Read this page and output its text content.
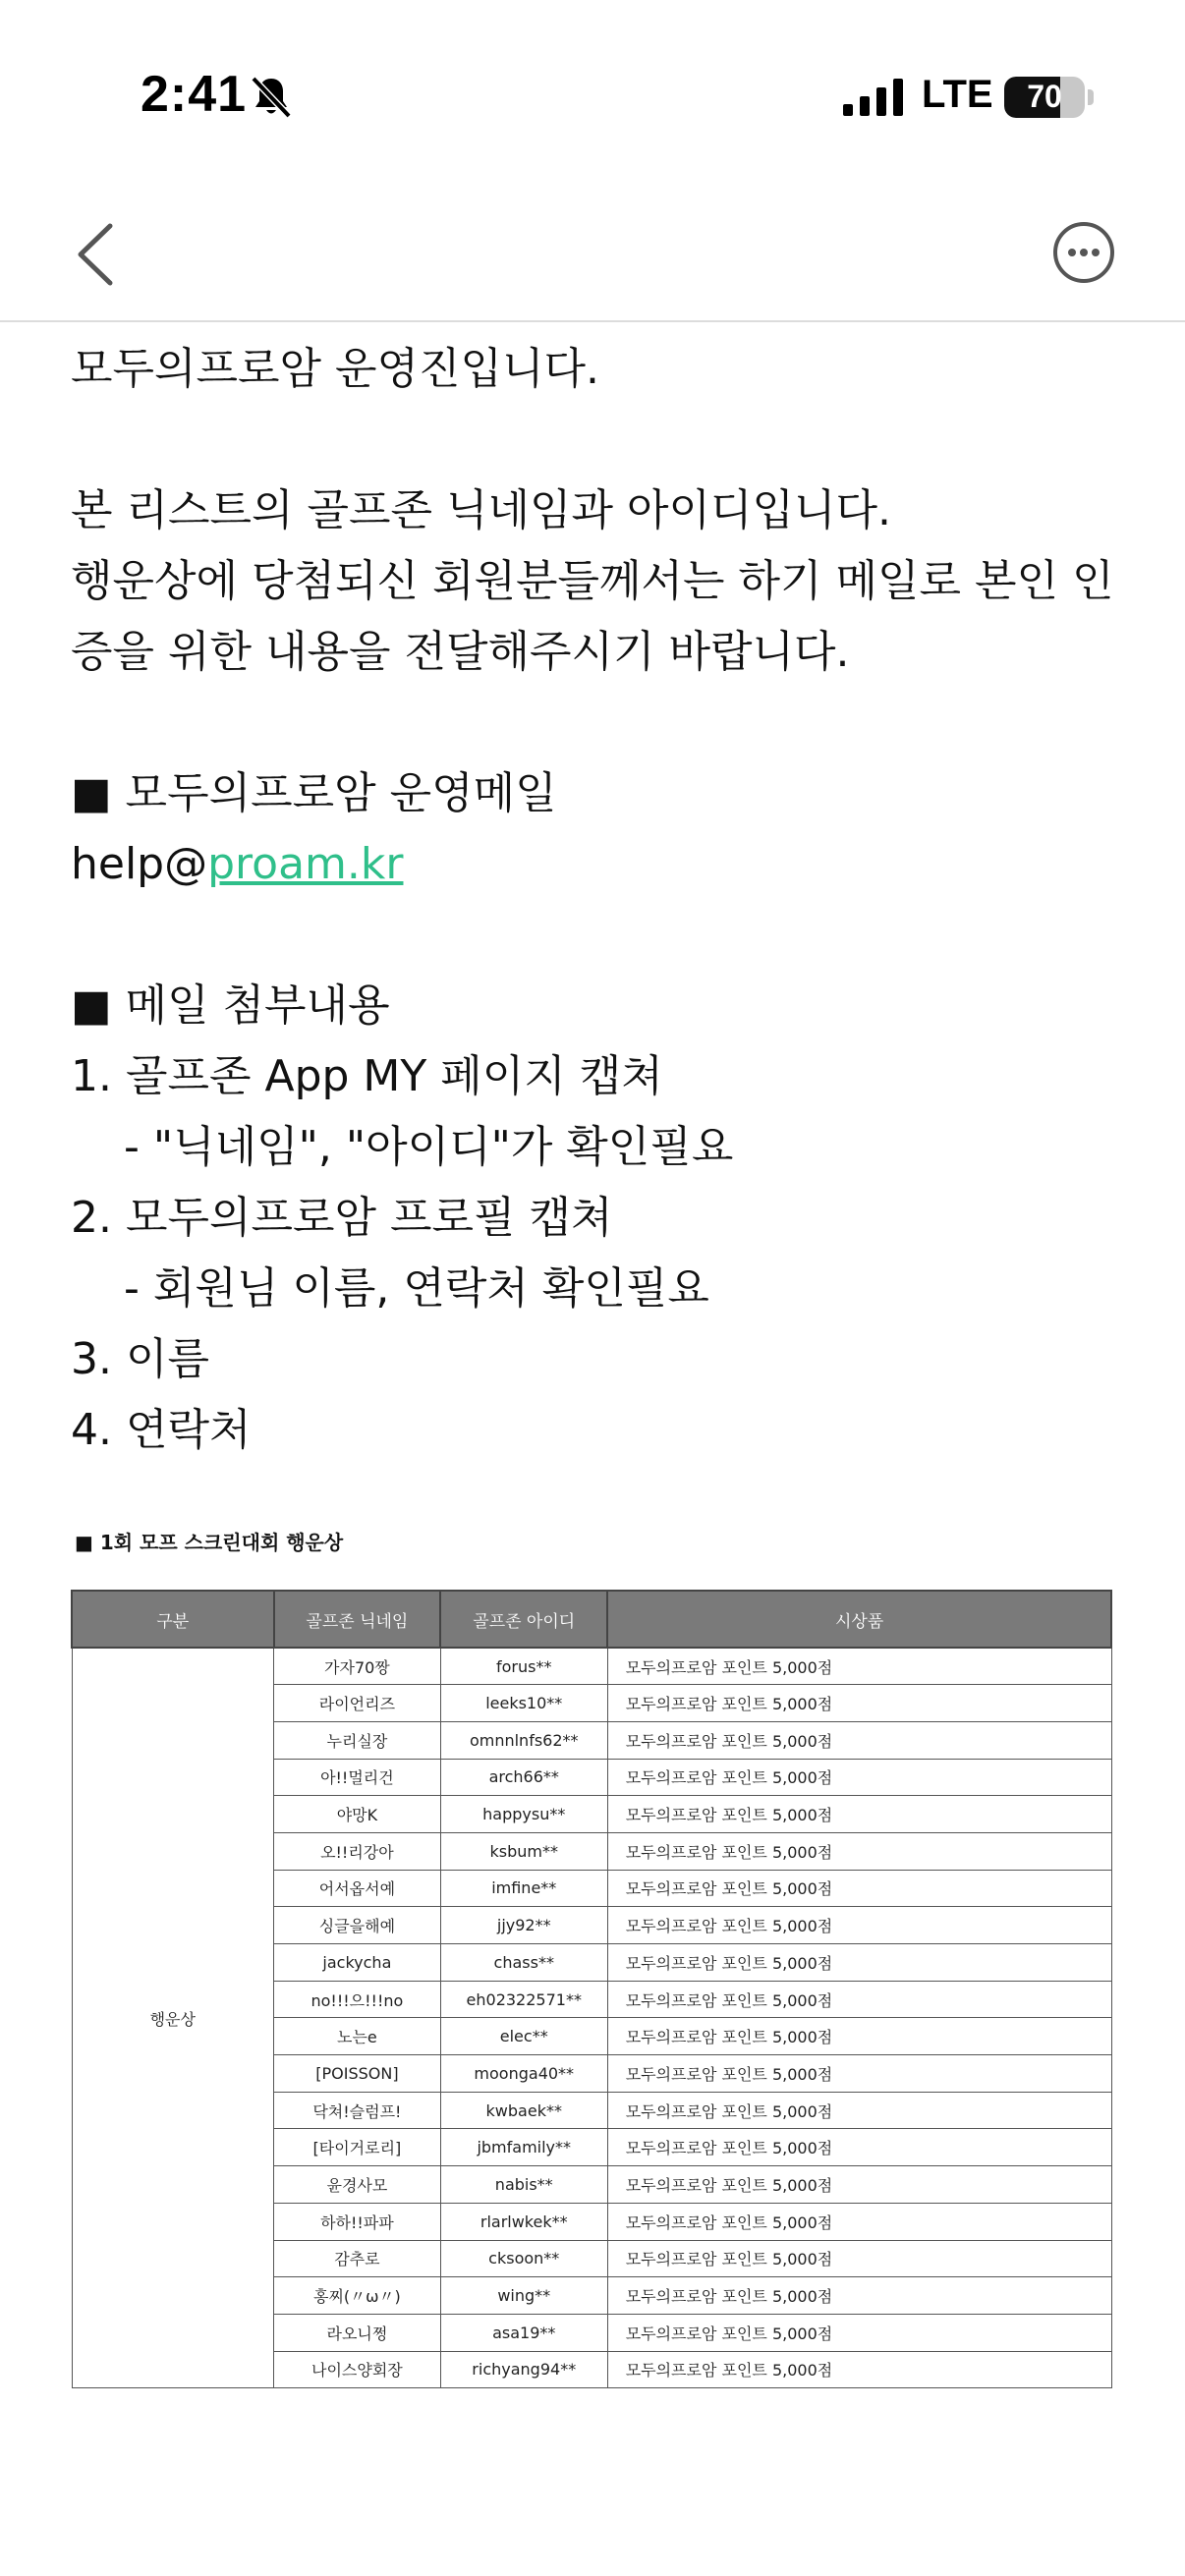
2:41	LTE	70

모두의프로암 운영진입니다.

본 리스트의 골프존 닉네임과 아이디입니다.

행운상에 당첨되신 회원분들께서는 하기 메일로 본인 인

증을 위한 내용을 전달해주시기 바랍니다.

■ 모두의프로암 운영메일

help@proam.kr

■ 메일 첨부내용

1. 골프존 App MY 페이지 캡쳐

- "닉네임", "아이디"가 확인필요

2. 모두의프로암 프로필 캡쳐

- 회원님 이름, 연락처 확인필요

3. 이름

4. 연락처

■ 1회 모프 스크린대회 행운상
구분	골프존 닉네임	골프존 아이디	시상품
행운상	가자70짱	forus**	모두의프로암 포인트 5,000점
	라이언리즈	leeks10**	모두의프로암 포인트 5,000점
	누리실장	omnnlnfs62**	모두의프로암 포인트 5,000점
	아!!멀리건	arch66**	모두의프로암 포인트 5,000점
	야망K	happysu**	모두의프로암 포인트 5,000점
	오!!리강아	ksbum**	모두의프로암 포인트 5,000점
	어서옵서예	imfine**	모두의프로암 포인트 5,000점
	싱글을해예	jjy92**	모두의프로암 포인트 5,000점
	jackycha	chass**	모두의프로암 포인트 5,000점
	no!!!으!!!no	eh02322571**	모두의프로암 포인트 5,000점
	노는e	elec**	모두의프로암 포인트 5,000점
	[POISSON]	moonga40**	모두의프로암 포인트 5,000점
	닥쳐!슬럼프!	kwbaek**	모두의프로암 포인트 5,000점
	[타이거로리]	jbmfamily**	모두의프로암 포인트 5,000점
	윤경사모	nabis**	모두의프로암 포인트 5,000점
	하하!!파파	rlarlwkek**	모두의프로암 포인트 5,000점
	감추로	cksoon**	모두의프로암 포인트 5,000점
	홍찌(〃ω〃)	wing**	모두의프로암 포인트 5,000점
	라오니쩡	asa19**	모두의프로암 포인트 5,000점
	나이스양회장	richyang94**	모두의프로암 포인트 5,000점
